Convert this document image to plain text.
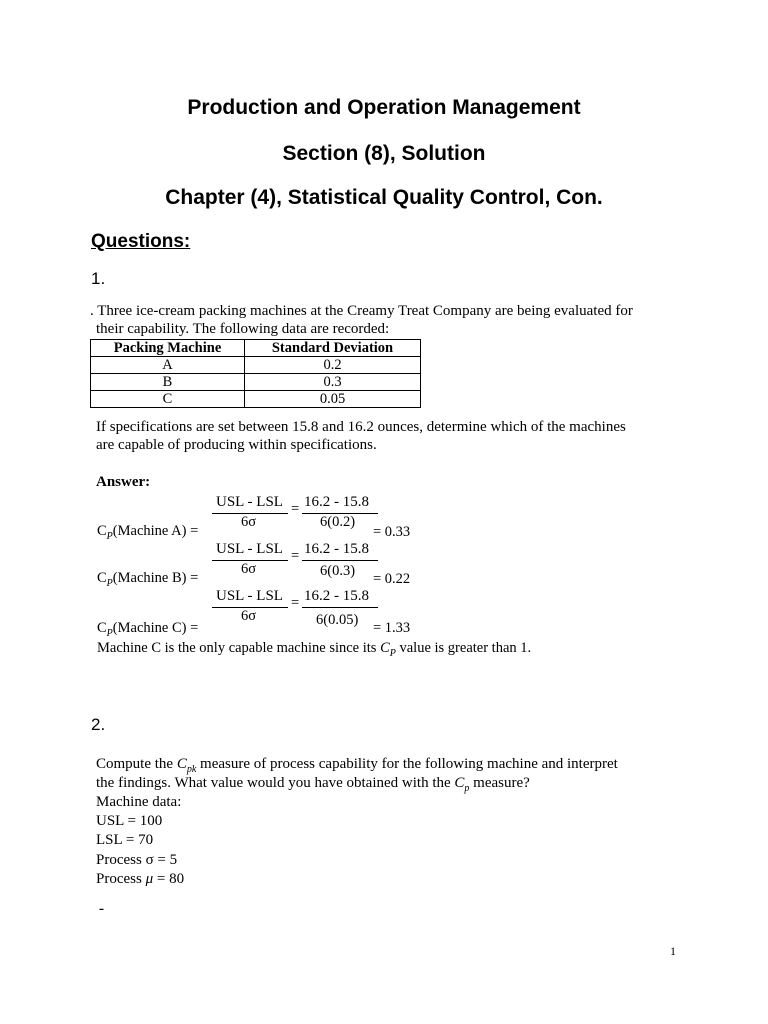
Production and Operation Management
Section (8), Solution
Chapter (4), Statistical Quality Control, Con.
Questions:
1.
. Three ice-cream packing machines at the Creamy Treat Company are being evaluated for
their capability. The following data are recorded:
Packing Machine	Standard Deviation
A	0.2
B	0.3
C	0.05
If specifications are set between 15.8 and 16.2 ounces, determine which of the machines
are capable of producing within specifications.
Answer:
USL - LSL
6σ
= 16.2 - 15.8
6(0.2)
$C_P(Machine$ A) =	= 0.33
USL - LSL
6σ
= 16.2 - 15.8
6(0.3)
$C_P(Machine$ B) =	= 0.22
USL - LSL
6σ
= 16.2 - 15.8
6(0.05)
$C_P(Machine$ C) =	= 1.33
Machine C is the only capable machine since its $C_P$ value is greater than 1.
2.
Compute the $C_{pk}$ measure of process capability for the following machine and interpret
the findings. What value would you have obtained with the $C_p$ measure?
Machine data:
USL = 100
LSL = 70
Process σ = 5
Process μ = 80
-
1
